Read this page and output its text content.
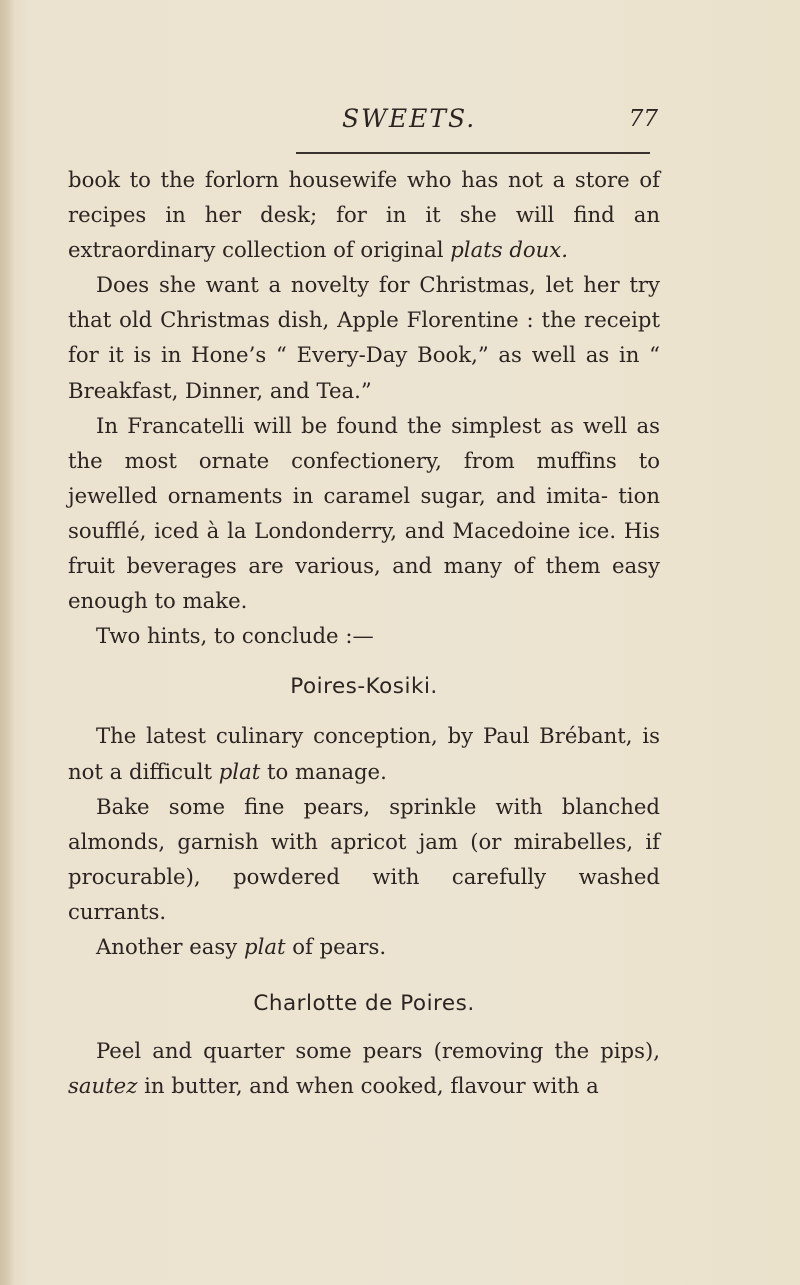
SWEETS.	77

book to the forlorn housewife who has not a store of recipes in her desk; for in it she will find an extraordinary collection of original plats doux.

Does she want a novelty for Christmas, let her try that old Christmas dish, Apple Florentine : the receipt for it is in Hone’s “ Every-Day Book,” as well as in “ Breakfast, Dinner, and Tea.”

In Francatelli will be found the simplest as well as the most ornate confectionery, from muffins to jewelled ornaments in caramel sugar, and imita- tion soufflé, iced à la Londonderry, and Macedoine ice. His fruit beverages are various, and many of them easy enough to make.

Two hints, to conclude :—

Poires-Kosiki.

The latest culinary conception, by Paul Brébant, is not a difficult plat to manage.

Bake some fine pears, sprinkle with blanched almonds, garnish with apricot jam (or mirabelles, if procurable), powdered with carefully washed currants.

Another easy plat of pears.

Charlotte de Poires.

Peel and quarter some pears (removing the pips), sautez in butter, and when cooked, flavour with a
